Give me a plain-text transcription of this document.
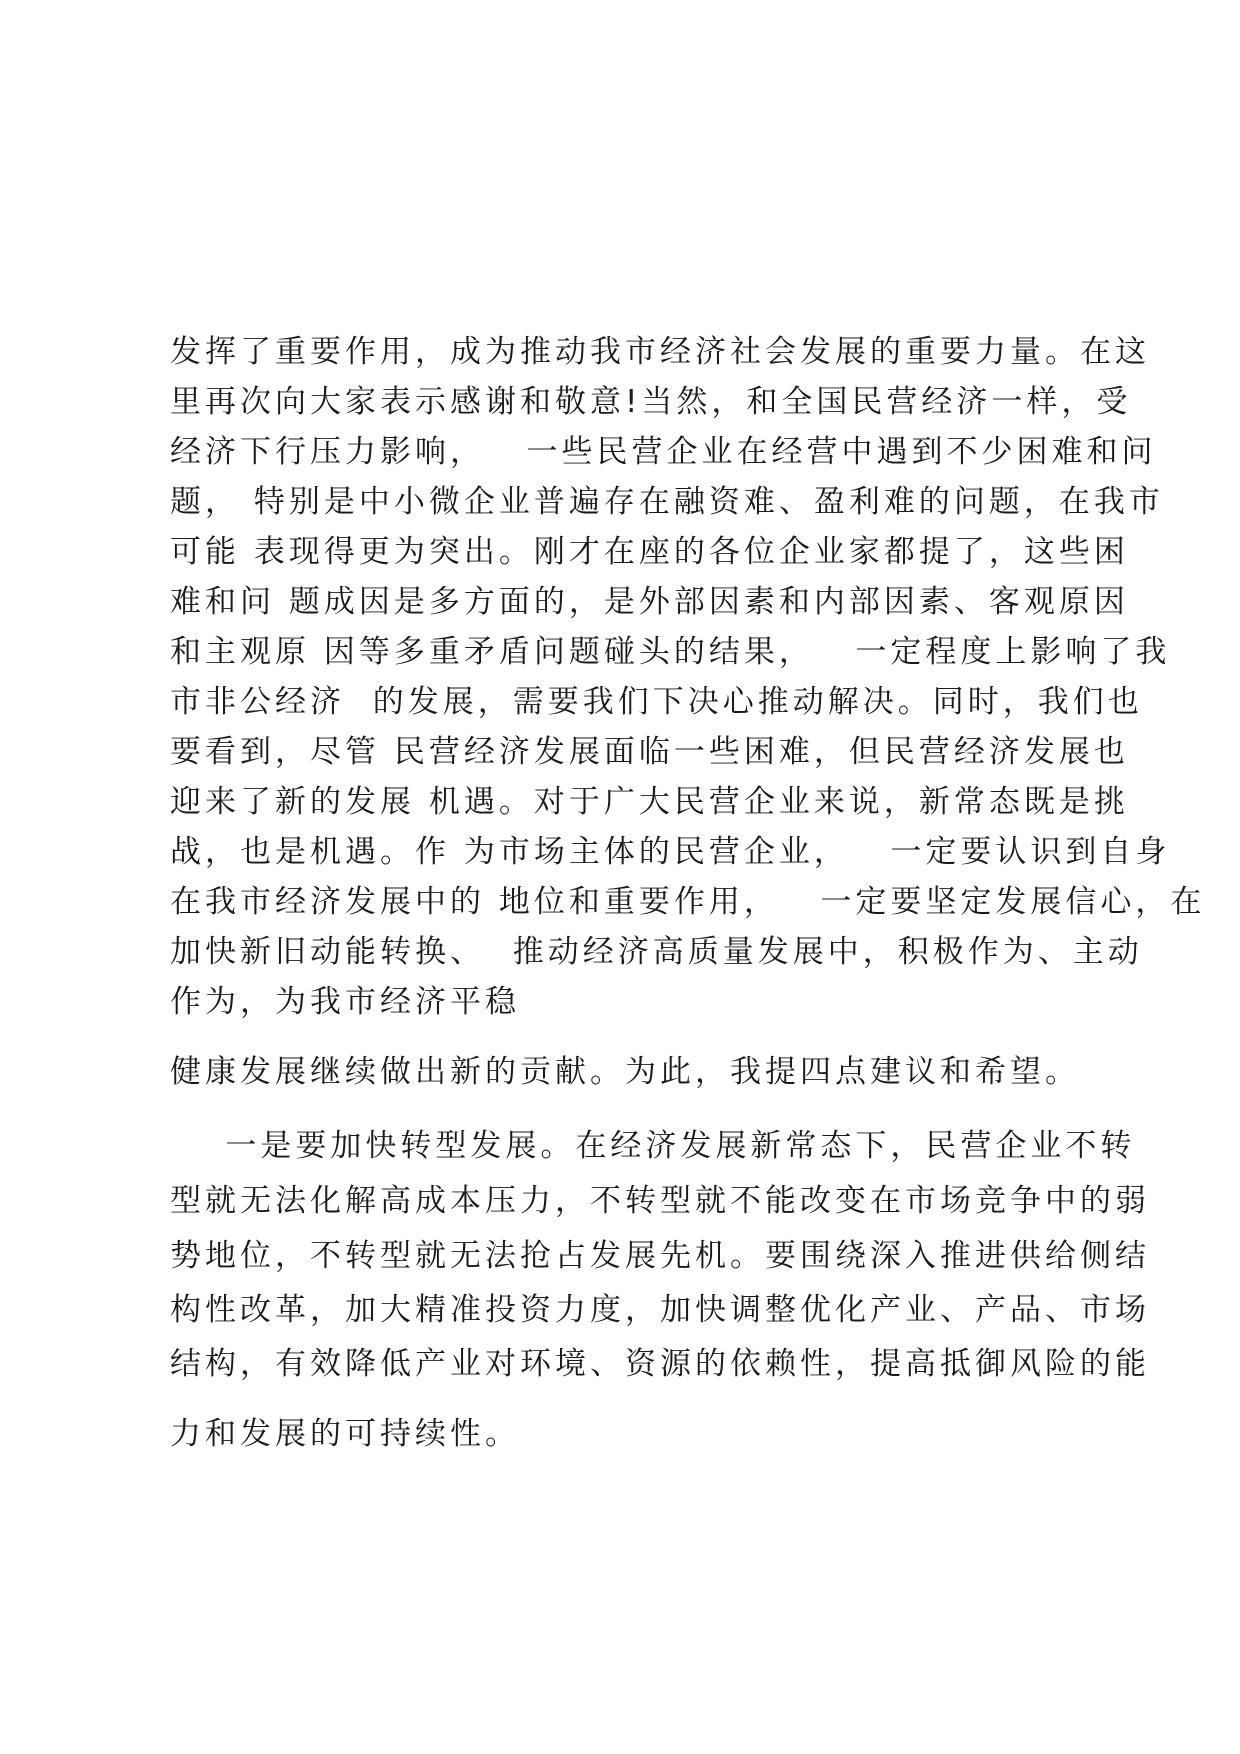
发挥了重要作用，成为推动我市经济社会发展的重要力量。在这
里再次向大家表示感谢和敬意!当然，和全国民营经济一样，受
经济下行压力影响，   一些民营企业在经营中遇到不少困难和问
题， 特别是中小微企业普遍存在融资难、盈利难的问题，在我市
可能 表现得更为突出。刚才在座的各位企业家都提了，这些困
难和问 题成因是多方面的，是外部因素和内部因素、客观原因
和主观原 因等多重矛盾问题碰头的结果，   一定程度上影响了我
市非公经济  的发展，需要我们下决心推动解决。同时，我们也
要看到，尽管 民营经济发展面临一些困难，但民营经济发展也
迎来了新的发展 机遇。对于广大民营企业来说，新常态既是挑
战，也是机遇。作 为市场主体的民营企业，   一定要认识到自身
在我市经济发展中的 地位和重要作用，   一定要坚定发展信心，在
加快新旧动能转换、  推动经济高质量发展中，积极作为、主动
作为，为我市经济平稳
健康发展继续做出新的贡献。为此，我提四点建议和希望。
一是要加快转型发展。在经济发展新常态下，民营企业不转
型就无法化解高成本压力，不转型就不能改变在市场竞争中的弱
势地位，不转型就无法抢占发展先机。要围绕深入推进供给侧结
构性改革，加大精准投资力度，加快调整优化产业、产品、市场
结构，有效降低产业对环境、资源的依赖性，提高抵御风险的能
力和发展的可持续性。
